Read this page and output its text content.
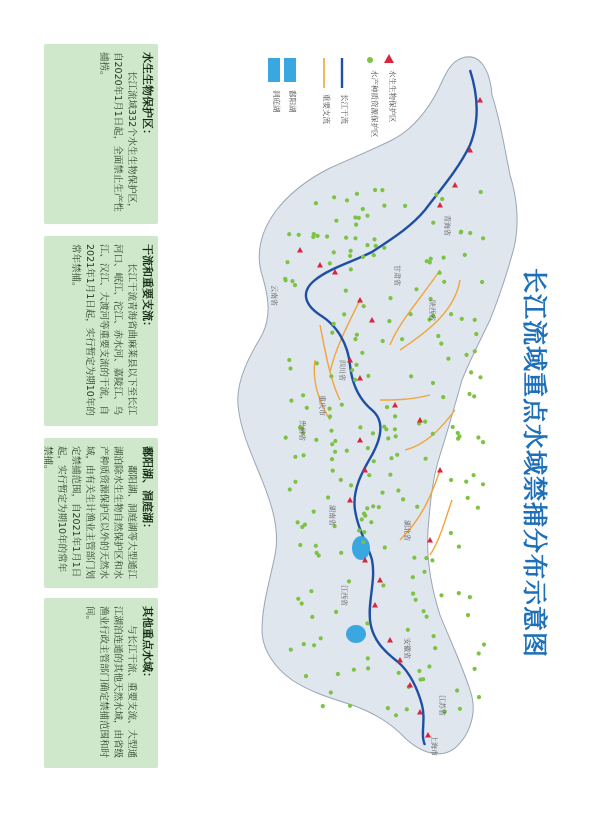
云南省
四川省
重庆市
贵州省
湖北省
湖南省
江西省
安徽省
江苏省
上海市
陕西省
甘肃省
青海省
水生生物保护区
水产种质资源保护区
长江干流
重要支流
鄱阳湖
洞庭湖
长江流域重点水域禁捕分布示意图
水生生物保护区：
长江流域332个水生生物保护区，自2020年1月1日起，全面禁止生产性捕捞。
干流和重要支流：
长江干流青海省曲麻莱县以下至长江河口、岷江、沱江、赤水河、嘉陵江、乌江、汉江、大渡河等重要支流的干流，自2021年1月1日起，实行暂定为期10年的常年禁捕。
鄱阳湖、洞庭湖：
鄱阳湖、洞庭湖等大型通江湖泊除水生生物自然保护区和水产种质资源保护区以外的天然水域，由有关生计渔业主管部门划定禁捕范围，自2021年1月1日起，实行暂定为期10年的常年禁捕。
其他重点水域：
与长江干流、重要支流、大型通江湖泊连通的其他天然水域，由省级渔业行政主管部门确定禁捕范围和时间。
